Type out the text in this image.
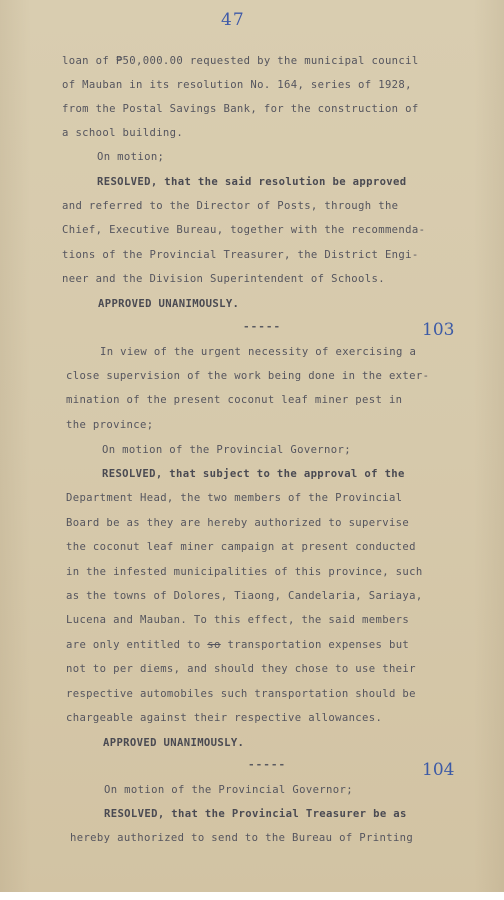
47
loan of ₱50,000.00 requested by the municipal council
of Mauban in its resolution No. 164, series of 1928,
from the Postal Savings Bank, for the construction of
a school building.
On motion;
RESOLVED, that the said resolution be approved
and referred to the Director of Posts, through the
Chief, Executive Bureau, together with the recommenda-
tions of the Provincial Treasurer, the District Engi-
neer and the Division Superintendent of Schools.
APPROVED UNANIMOUSLY.
-----	103
In view of the urgent necessity of exercising a
close supervision of the work being done in the exter-
mination of the present coconut leaf miner pest in
the province;
On motion of the Provincial Governor;
RESOLVED, that subject to the approval of the
Department Head, the two members of the Provincial
Board be as they are hereby authorized to supervise
the coconut leaf miner campaign at present conducted
in the infested municipalities of this province, such
as the towns of Dolores, Tiaong, Candelaria, Sariaya,
Lucena and Mauban. To this effect, the said members
are only entitled to so transportation expenses but
not to per diems, and should they chose to use their
respective automobiles such transportation should be
chargeable against their respective allowances.
APPROVED UNANIMOUSLY.
-----	104
On motion of the Provincial Governor;
RESOLVED, that the Provincial Treasurer be as
hereby authorized to send to the Bureau of Printing
